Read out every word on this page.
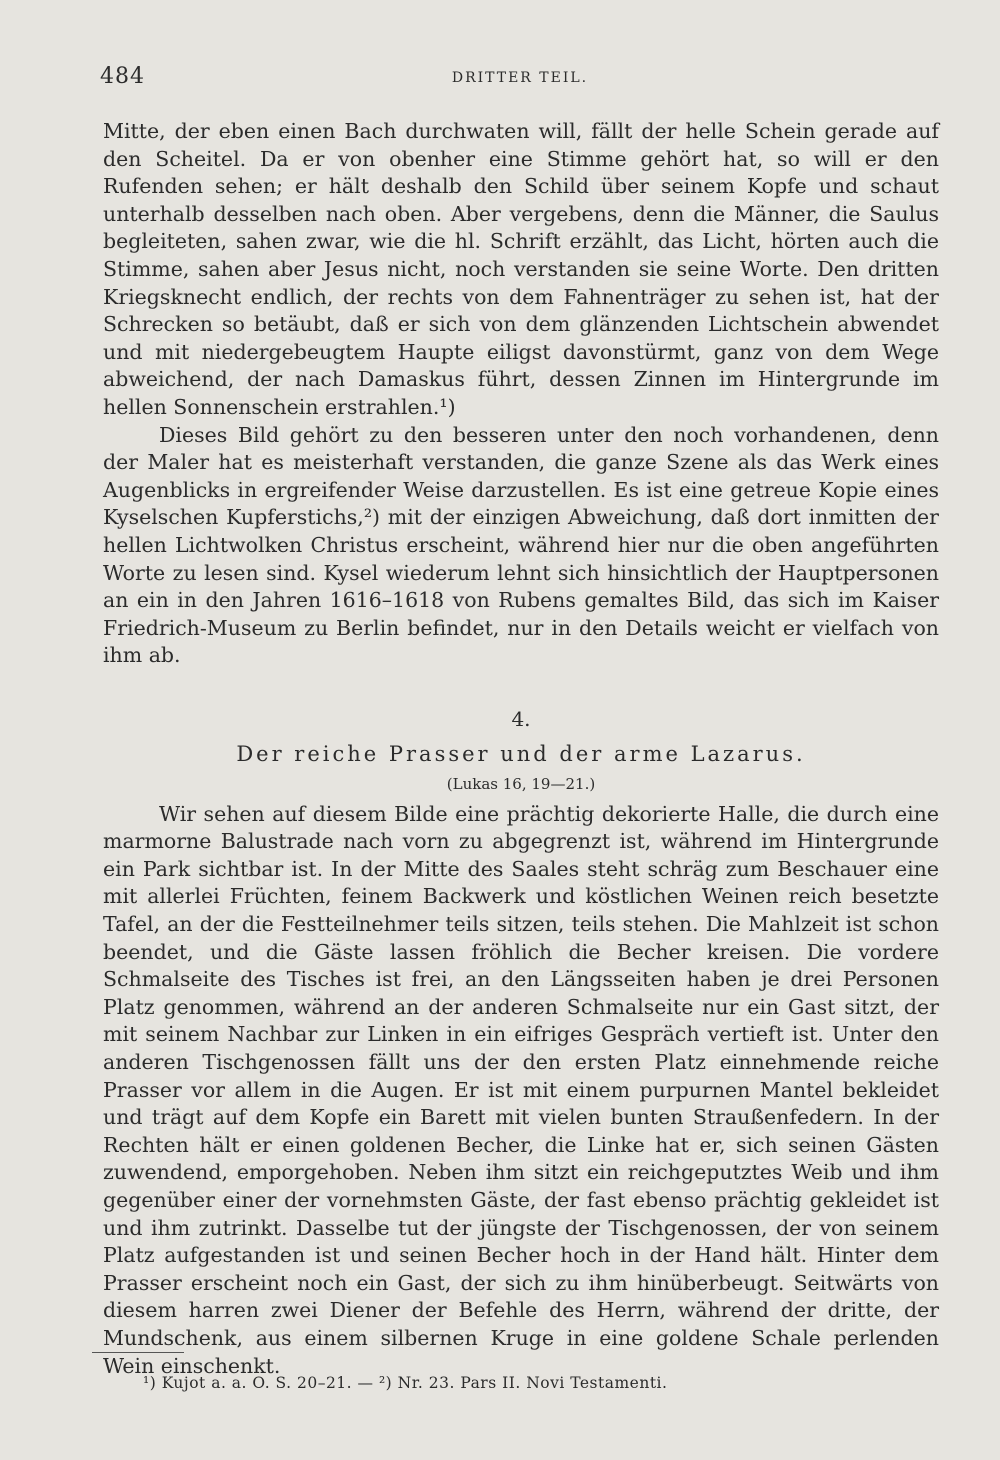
484	DRITTER TEIL.

Mitte, der eben einen Bach durchwaten will, fällt der helle Schein gerade auf den Scheitel. Da er von obenher eine Stimme gehört hat, so will er den Rufenden sehen; er hält deshalb den Schild über seinem Kopfe und schaut unterhalb desselben nach oben. Aber vergebens, denn die Männer, die Saulus begleiteten, sahen zwar, wie die hl. Schrift erzählt, das Licht, hörten auch die Stimme, sahen aber Jesus nicht, noch verstanden sie seine Worte. Den dritten Kriegsknecht endlich, der rechts von dem Fahnenträger zu sehen ist, hat der Schrecken so betäubt, daß er sich von dem glänzenden Lichtschein abwendet und mit niedergebeugtem Haupte eiligst davonstürmt, ganz von dem Wege abweichend, der nach Damaskus führt, dessen Zinnen im Hintergrunde im hellen Sonnenschein erstrahlen.¹)

Dieses Bild gehört zu den besseren unter den noch vorhandenen, denn der Maler hat es meisterhaft verstanden, die ganze Szene als das Werk eines Augenblicks in ergreifender Weise darzustellen. Es ist eine getreue Kopie eines Kyselschen Kupferstichs,²) mit der einzigen Abweichung, daß dort inmitten der hellen Lichtwolken Christus erscheint, während hier nur die oben angeführten Worte zu lesen sind. Kysel wiederum lehnt sich hinsichtlich der Hauptpersonen an ein in den Jahren 1616–1618 von Rubens gemaltes Bild, das sich im Kaiser Friedrich-Museum zu Berlin befindet, nur in den Details weicht er vielfach von ihm ab.

4.
Der reiche Prasser und der arme Lazarus.
(Lukas 16, 19—21.)

Wir sehen auf diesem Bilde eine prächtig dekorierte Halle, die durch eine marmorne Balustrade nach vorn zu abgegrenzt ist, während im Hintergrunde ein Park sichtbar ist. In der Mitte des Saales steht schräg zum Beschauer eine mit allerlei Früchten, feinem Backwerk und köstlichen Weinen reich besetzte Tafel, an der die Festteilnehmer teils sitzen, teils stehen. Die Mahlzeit ist schon beendet, und die Gäste lassen fröhlich die Becher kreisen. Die vordere Schmalseite des Tisches ist frei, an den Längsseiten haben je drei Personen Platz genommen, während an der anderen Schmalseite nur ein Gast sitzt, der mit seinem Nachbar zur Linken in ein eifriges Gespräch vertieft ist. Unter den anderen Tischgenossen fällt uns der den ersten Platz einnehmende reiche Prasser vor allem in die Augen. Er ist mit einem purpurnen Mantel bekleidet und trägt auf dem Kopfe ein Barett mit vielen bunten Straußenfedern. In der Rechten hält er einen goldenen Becher, die Linke hat er, sich seinen Gästen zuwendend, emporgehoben. Neben ihm sitzt ein reichgeputztes Weib und ihm gegenüber einer der vornehmsten Gäste, der fast ebenso prächtig gekleidet ist und ihm zutrinkt. Dasselbe tut der jüngste der Tischgenossen, der von seinem Platz aufgestanden ist und seinen Becher hoch in der Hand hält. Hinter dem Prasser erscheint noch ein Gast, der sich zu ihm hinüberbeugt. Seitwärts von diesem harren zwei Diener der Befehle des Herrn, während der dritte, der Mundschenk, aus einem silbernen Kruge in eine goldene Schale perlenden Wein einschenkt.

¹) Kujot a. a. O. S. 20–21. — ²) Nr. 23. Pars II. Novi Testamenti.
